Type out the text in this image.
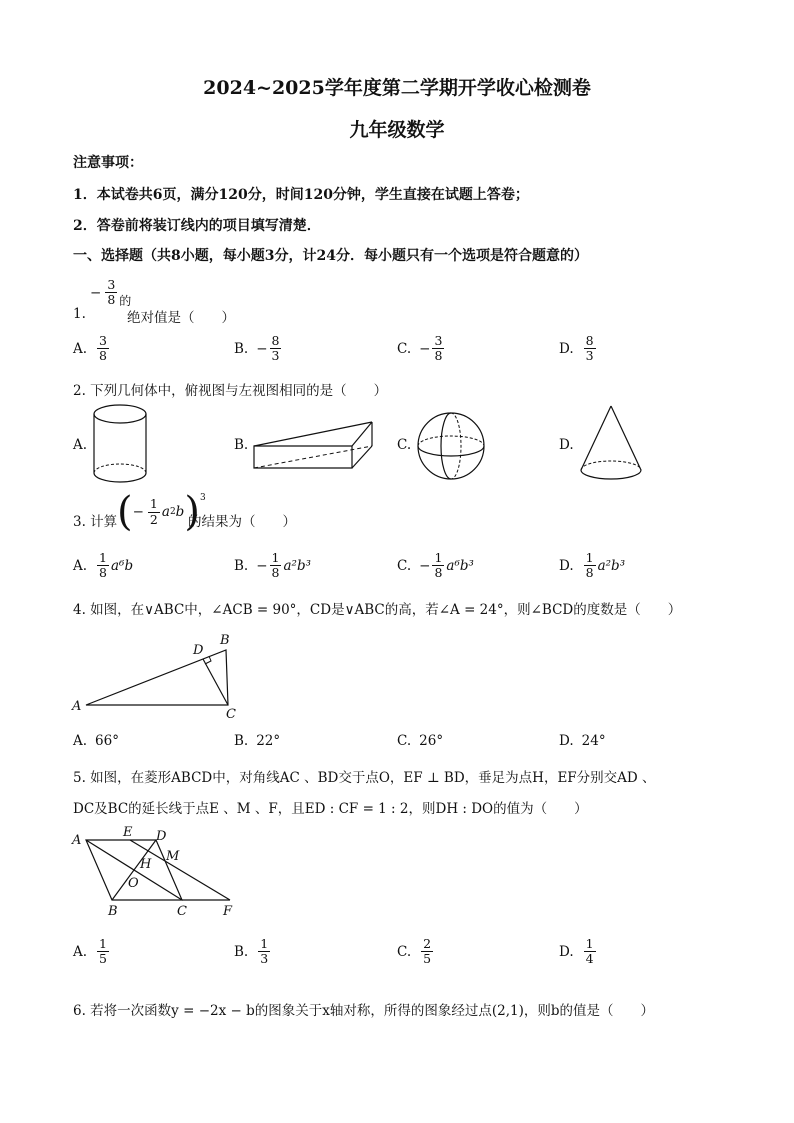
2024~2025学年度第二学期开学收心检测卷
九年级数学
注意事项：
1．本试卷共6页，满分120分，时间120分钟，学生直接在试题上答卷；
2．答卷前将装订线内的项目填写清楚．
一、选择题（共8小题，每小题3分，计24分．每小题只有一个选项是符合题意的）
1.
− $\frac{3}{8}$ 的
绝对值是（　　）
A. $\frac{3}{8}$	B. − $\frac{8}{3}$	C. − $\frac{3}{8}$	D. $\frac{8}{3}$
2. 下列几何体中，俯视图与左视图相同的是（　　）
A.	B.	C.	D.
3. 计算 ( − $\frac{1}{2}$ a 2 b )$^3$
的结果为（　　）
A. $\frac{1}{8} a^6b$	B. − $\frac{1}{8} a^2b^3$	C. − $\frac{1}{8} a^6b^3$	D. $\frac{1}{8} a^2b^3$
4. 如图，在∨ABC中，∠ACB = 90°，CD是∨ABC的高，若∠A = 24°，则∠BCD的度数是（　　）
A
B
C
D
A. 66°	B. 22°	C. 26°	D. 24°
5. 如图，在菱形ABCD中，对角线AC 、BD交于点O，EF ⊥ BD，垂足为点H，EF分别交AD 、
DC及BC的延长线于点E 、M 、F，且ED : CF = 1 : 2，则DH : DO的值为（　　）
A
E D
H
M
O
B	C	F
A. $\frac{1}{5}$	B. $\frac{1}{3}$	C. $\frac{2}{5}$	D. $\frac{1}{4}$
6. 若将一次函数y = −2x − b的图象关于x轴对称，所得的图象经过点(2,1)，则b的值是（　　）
